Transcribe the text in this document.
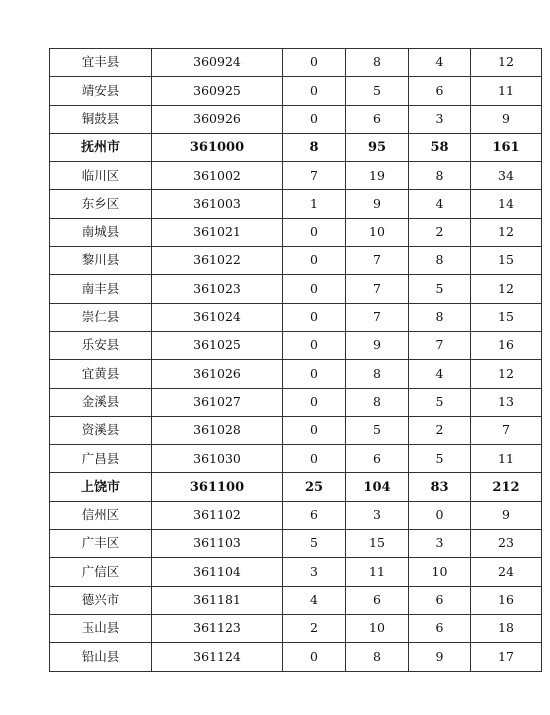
宜丰县	360924	0	8	4	12
靖安县	360925	0	5	6	11
铜鼓县	360926	0	6	3	9
抚州市	361000	8	95	58	161
临川区	361002	7	19	8	34
东乡区	361003	1	9	4	14
南城县	361021	0	10	2	12
黎川县	361022	0	7	8	15
南丰县	361023	0	7	5	12
崇仁县	361024	0	7	8	15
乐安县	361025	0	9	7	16
宜黄县	361026	0	8	4	12
金溪县	361027	0	8	5	13
资溪县	361028	0	5	2	7
广昌县	361030	0	6	5	11
上饶市	361100	25	104	83	212
信州区	361102	6	3	0	9
广丰区	361103	5	15	3	23
广信区	361104	3	11	10	24
德兴市	361181	4	6	6	16
玉山县	361123	2	10	6	18
铅山县	361124	0	8	9	17
